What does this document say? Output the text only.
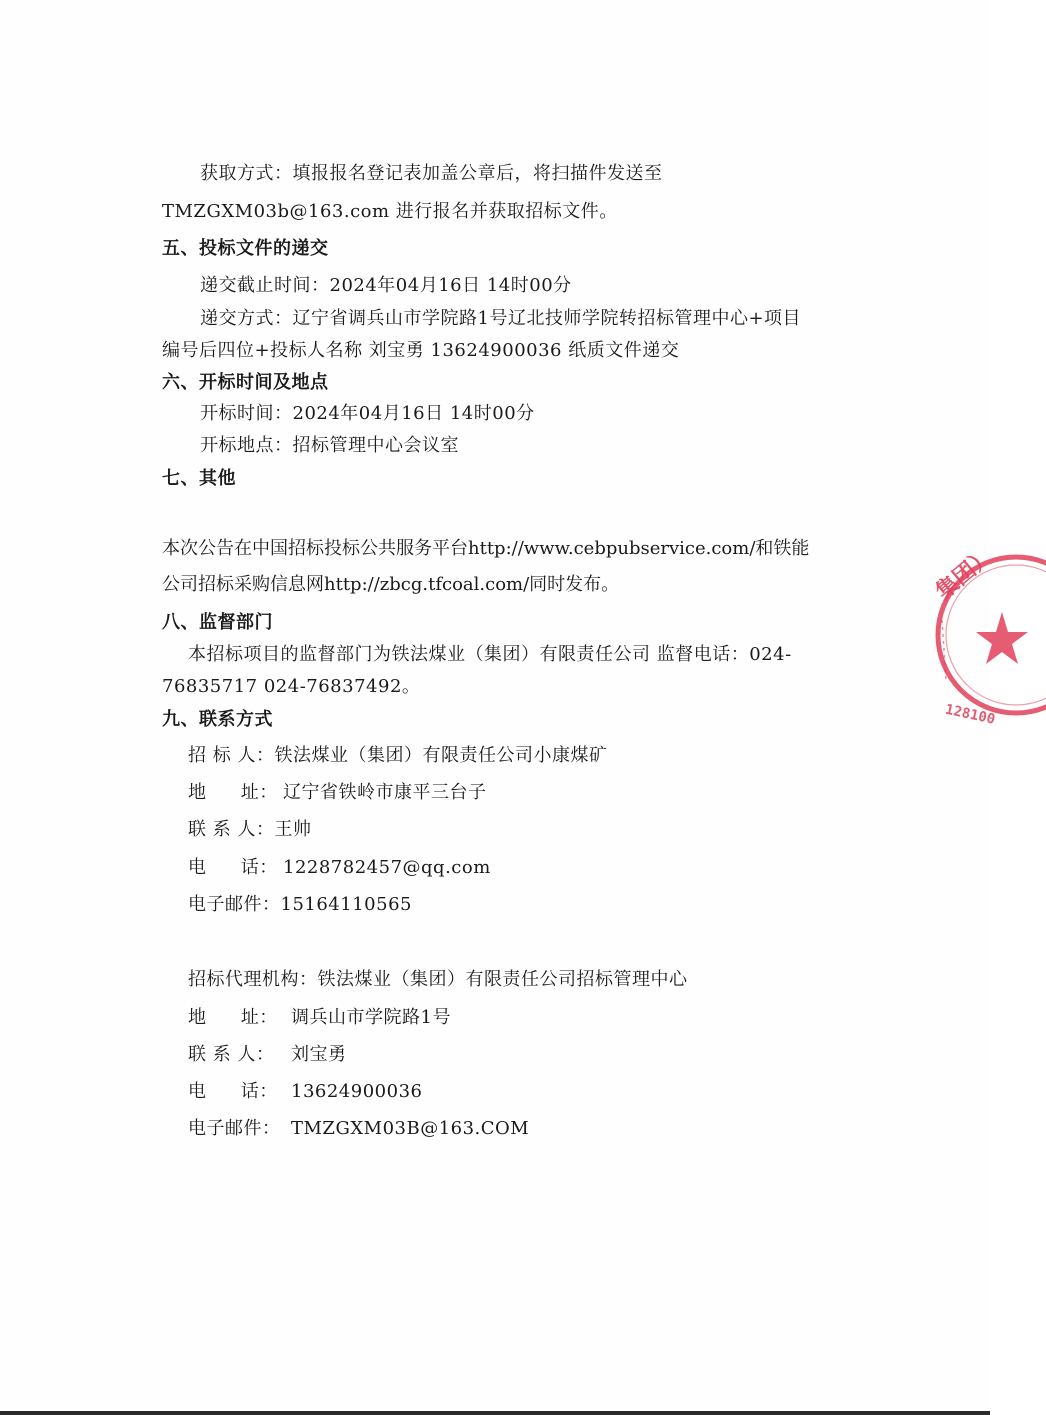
获取方式：填报报名登记表加盖公章后，将扫描件发送至
TMZGXM03b@163.com 进行报名并获取招标文件。
五、投标文件的递交
递交截止时间：2024年04月16日 14时00分
递交方式：辽宁省调兵山市学院路1号辽北技师学院转招标管理中心+项目
编号后四位+投标人名称 刘宝勇 13624900036 纸质文件递交
六、开标时间及地点
开标时间：2024年04月16日 14时00分
开标地点：招标管理中心会议室
七、其他
本次公告在中国招标投标公共服务平台http://www.cebpubservice.com/和铁能
公司招标采购信息网http://zbcg.tfcoal.com/同时发布。
八、监督部门
本招标项目的监督部门为铁法煤业（集团）有限责任公司 监督电话：024-
76835717 024-76837492。
九、联系方式
招 标 人：铁法煤业（集团）有限责任公司小康煤矿
地 址： 辽宁省铁岭市康平三台子
联 系 人：王帅
电 话： 1228782457@qq.com
电子邮件：15164110565
招标代理机构：铁法煤业（集团）有限责任公司招标管理中心
地 址： 调兵山市学院路1号
联 系 人： 刘宝勇
电 话： 13624900036
电子邮件： TMZGXM03B@163.COM
集团）
128100
